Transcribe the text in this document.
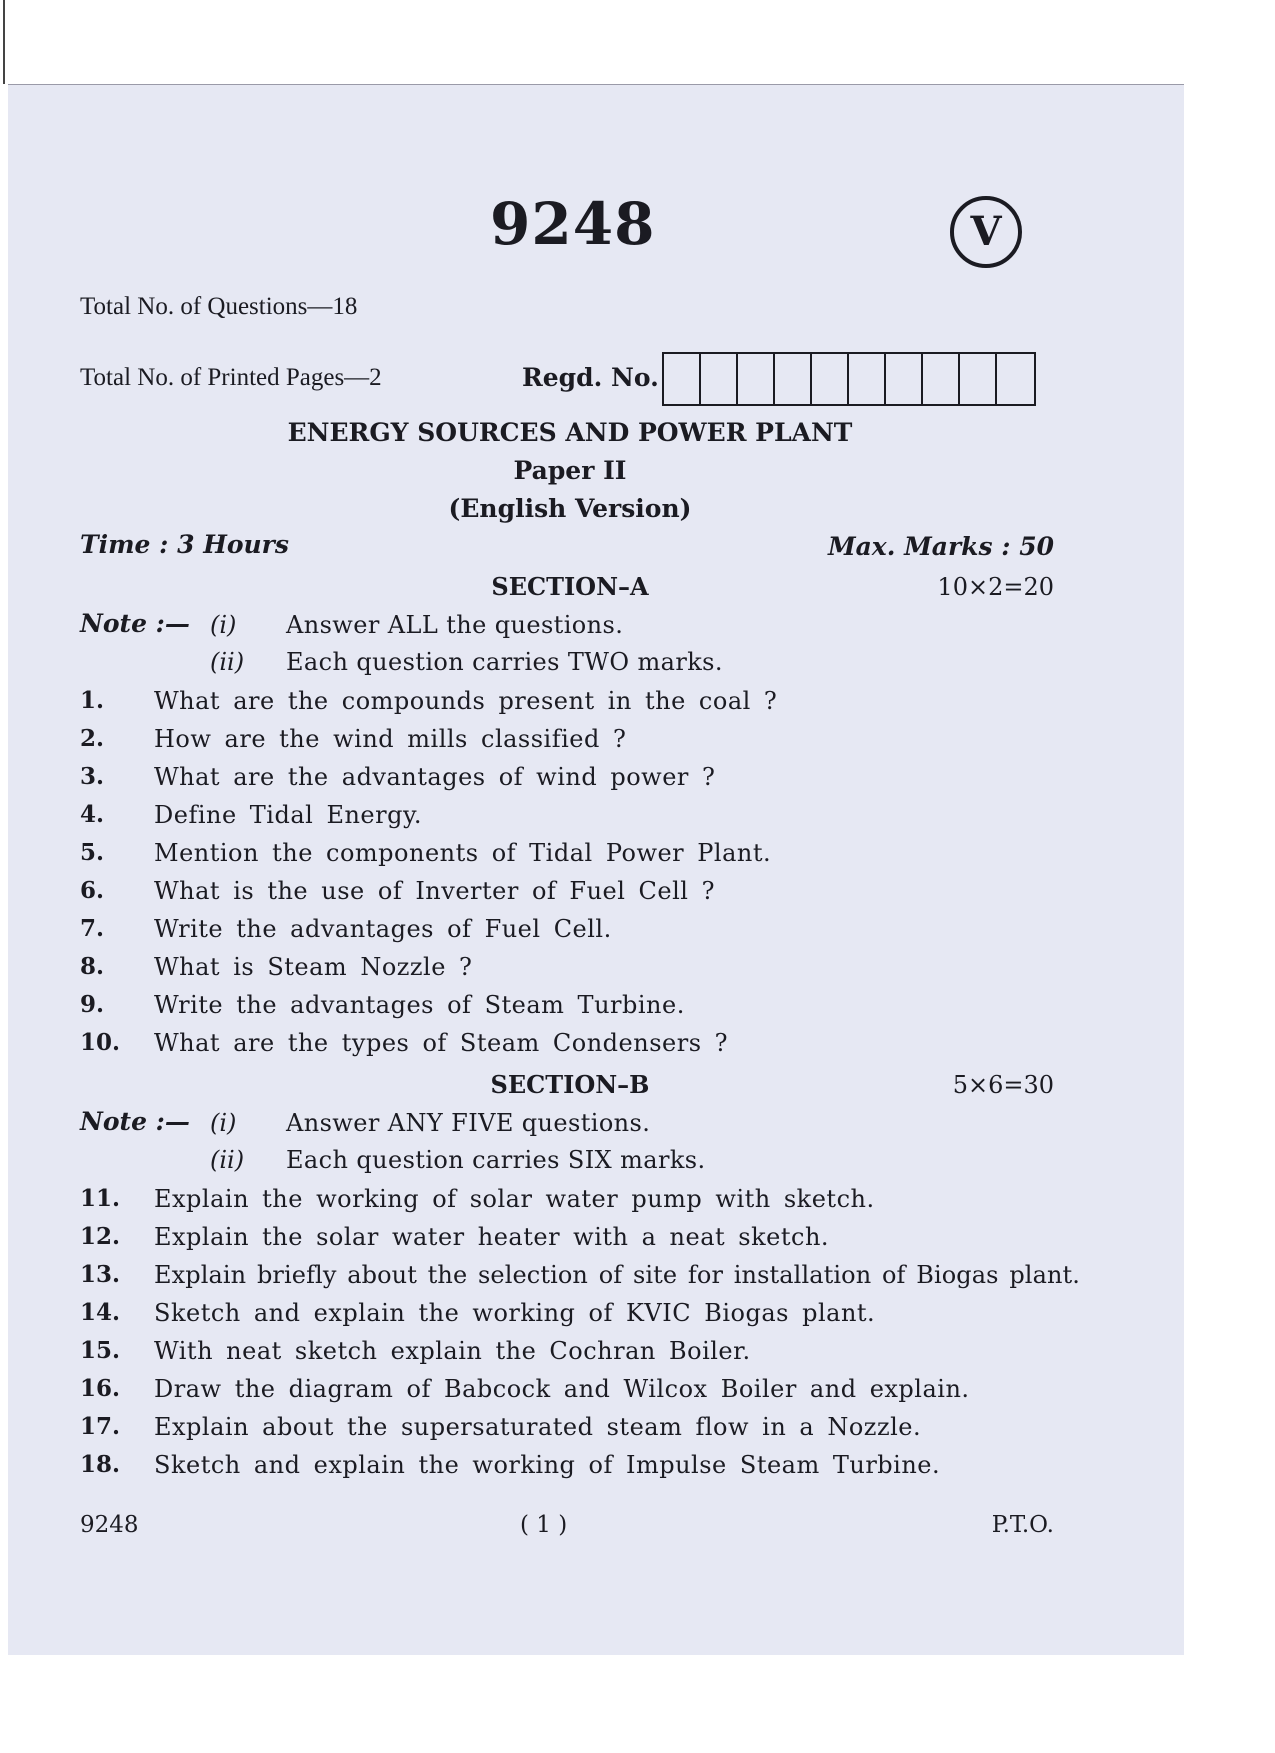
9248	V
Total No. of Questions—18
Total No. of Printed Pages—2	Regd. No.
ENERGY SOURCES AND POWER PLANT
Paper II
(English Version)
Time : 3 Hours	Max. Marks : 50
SECTION–A	10×2=20
Note :— (i) Answer ALL the questions.
(ii) Each question carries TWO marks.
1. What are the compounds present in the coal ?
2. How are the wind mills classified ?
3. What are the advantages of wind power ?
4. Define Tidal Energy.
5. Mention the components of Tidal Power Plant.
6. What is the use of Inverter of Fuel Cell ?
7. Write the advantages of Fuel Cell.
8. What is Steam Nozzle ?
9. Write the advantages of Steam Turbine.
10. What are the types of Steam Condensers ?
SECTION–B	5×6=30
Note :— (i) Answer ANY FIVE questions.
(ii) Each question carries SIX marks.
11. Explain the working of solar water pump with sketch.
12. Explain the solar water heater with a neat sketch.
13. Explain briefly about the selection of site for installation of Biogas plant.
14. Sketch and explain the working of KVIC Biogas plant.
15. With neat sketch explain the Cochran Boiler.
16. Draw the diagram of Babcock and Wilcox Boiler and explain.
17. Explain about the supersaturated steam flow in a Nozzle.
18. Sketch and explain the working of Impulse Steam Turbine.
9248	( 1 )	P.T.O.
